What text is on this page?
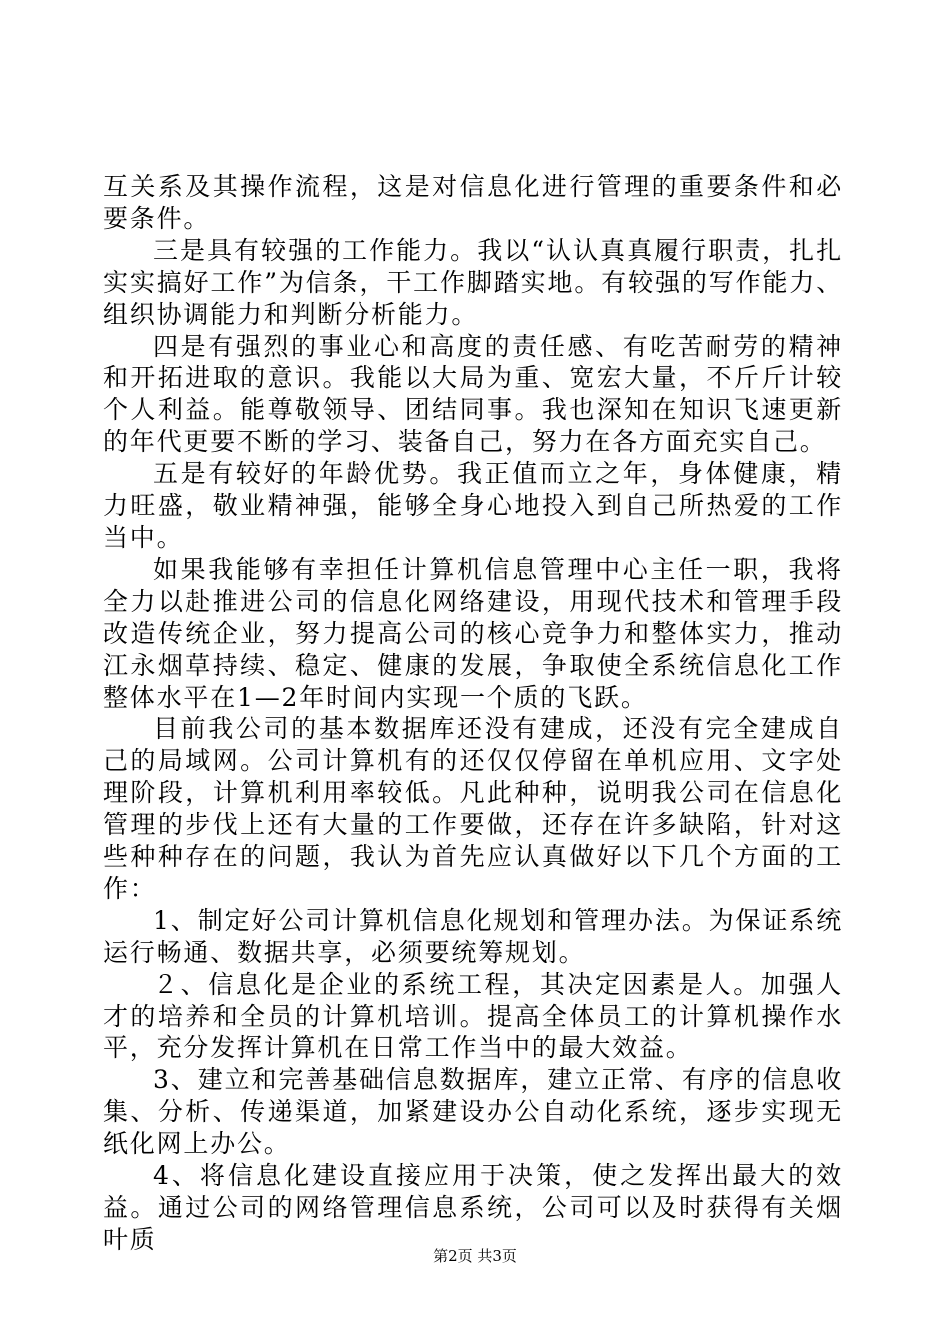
互关系及其操作流程，这是对信息化进行管理的重要条件和必要条件。

三是具有较强的工作能力。我以“认认真真履行职责，扎扎实实搞好工作”为信条，干工作脚踏实地。有较强的写作能力、组织协调能力和判断分析能力。

四是有强烈的事业心和高度的责任感、有吃苦耐劳的精神和开拓进取的意识。我能以大局为重、宽宏大量，不斤斤计较个人利益。能尊敬领导、团结同事。我也深知在知识飞速更新的年代更要不断的学习、装备自己，努力在各方面充实自己。

五是有较好的年龄优势。我正值而立之年，身体健康，精力旺盛，敬业精神强，能够全身心地投入到自己所热爱的工作当中。

如果我能够有幸担任计算机信息管理中心主任一职，我将全力以赴推进公司的信息化网络建设，用现代技术和管理手段改造传统企业，努力提高公司的核心竞争力和整体实力，推动江永烟草持续、稳定、健康的发展，争取使全系统信息化工作整体水平在1—2年时间内实现一个质的飞跃。

目前我公司的基本数据库还没有建成，还没有完全建成自己的局域网。公司计算机有的还仅仅停留在单机应用、文字处理阶段，计算机利用率较低。凡此种种，说明我公司在信息化管理的步伐上还有大量的工作要做，还存在许多缺陷，针对这些种种存在的问题，我认为首先应认真做好以下几个方面的工作：

1、制定好公司计算机信息化规划和管理办法。为保证系统运行畅通、数据共享，必须要统筹规划。

２、信息化是企业的系统工程，其决定因素是人。加强人才的培养和全员的计算机培训。提高全体员工的计算机操作水平，充分发挥计算机在日常工作当中的最大效益。

3、建立和完善基础信息数据库，建立正常、有序的信息收集、分析、传递渠道，加紧建设办公自动化系统，逐步实现无纸化网上办公。

4、将信息化建设直接应用于决策，使之发挥出最大的效益。通过公司的网络管理信息系统，公司可以及时获得有关烟叶质

第2页 共3页
